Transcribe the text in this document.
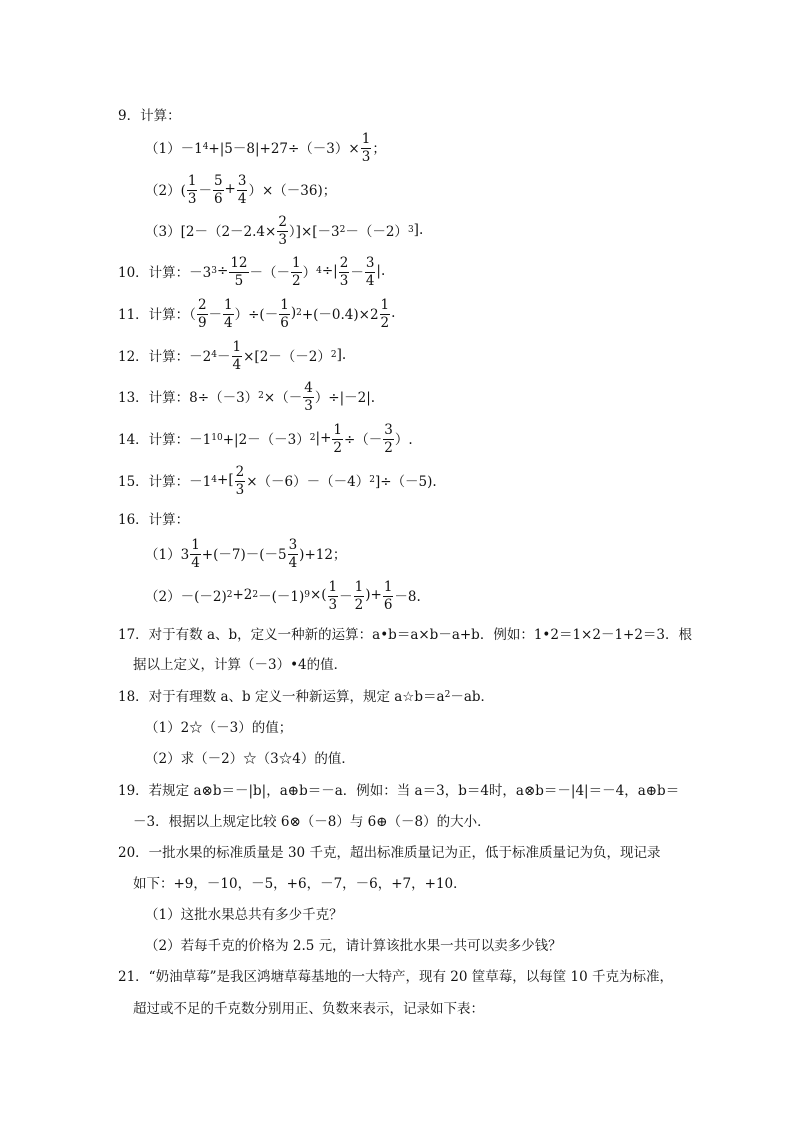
9．计算：
（1）－1 $4 +|5-8|+27\div(-3)\times \frac{1}{3}$ ；
$(2)( \frac{1}{3} - \frac{5}{6} + \frac{3}{4} )\times(-36)$；
$(3)[2-(2-2.4\times \frac{2}{3} )]\times[-3$ 2 －（－2） 3 ].
10．计算：－3 $3 \div \frac{12}{5}$ －（－ $\frac{1}{2}$ ） 4 ÷| $\frac{2}{3} - \frac{3}{4}$ |.
11．计算：（ $\frac{2}{9} - \frac{1}{4}$ ）÷(－ $\frac{1}{6}$ ) $2 +(-0.4)\times 2 \frac{1}{2}$ .
12．计算：－2 $4 - \frac{1}{4} \times[2-(-2)$ 2 ].
13．计算：8÷（－3） 2 ×（－ $\frac{4}{3} )\div|-2|$.
14．计算：－1 10 +|2－（－3） 2 |+ $\frac{1}{2}$ ÷（－ $\frac{3}{2}$ ）.
15．计算：－1 4 +[ $\frac{2}{3} \times(-6)-(-4)$ 2 ]÷（－5).
16．计算：
$(1)3 \frac{1}{4} +(-7)-(-5 \frac{3}{4} )+12$；
（2）－(－2) 2 +2 2 －(－1) 9 ×( $\frac{1}{3} - \frac{1}{2}$ )+ $\frac{1}{6} -8$.
17．对于有数 a、b，定义一种新的运算：a•b＝a×b－a+b．例如：1•2＝1×2－1+2＝3．根
据以上定义，计算（－3）•4的值．
18．对于有理数 a、b 定义一种新运算，规定 a☆b＝a 2 －ab．
（1）2☆（－3）的值；
（2）求（－2）☆（3☆4）的值．
19．若规定 a⊗b＝－|b|，a⊕b＝－a．例如：当 a＝3，b＝4时，a⊗b＝－|4|＝－4，a⊕b＝
－3．根据以上规定比较 6⊗（－8）与 6⊕（－8）的大小．
20．一批水果的标准质量是 30 千克，超出标准质量记为正，低于标准质量记为负，现记录
如下：+9，－10，－5，+6，－7，－6，+7，+10．
（1）这批水果总共有多少千克？
（2）若每千克的价格为 2.5 元，请计算该批水果一共可以卖多少钱？
21．“奶油草莓”是我区鸿塘草莓基地的一大特产，现有 20 筐草莓，以每筐 10 千克为标准，
超过或不足的千克数分别用正、负数来表示，记录如下表：
